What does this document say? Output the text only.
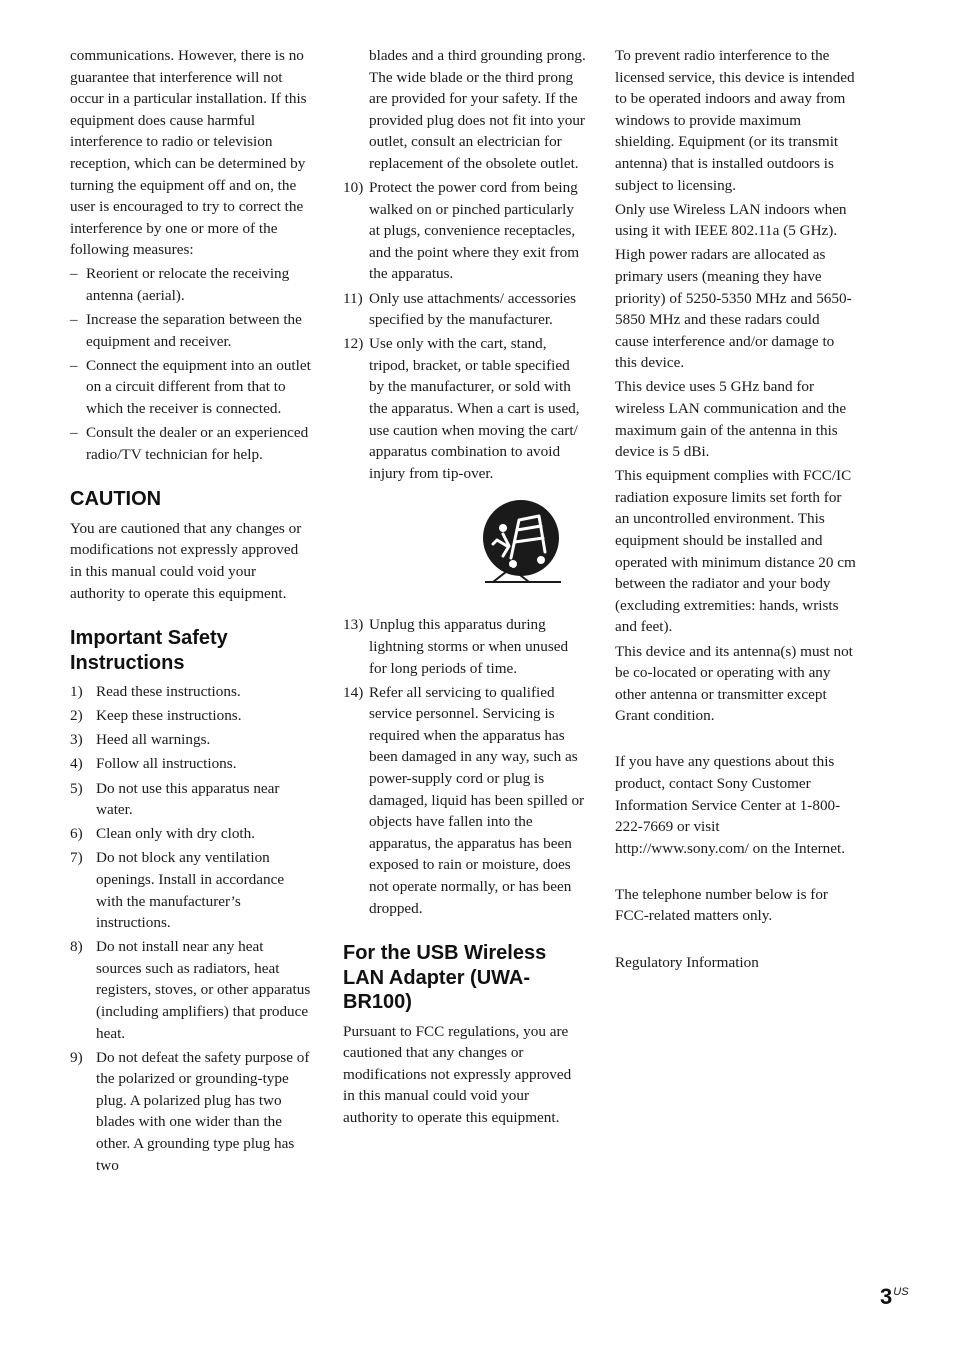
communications. However, there is no guarantee that interference will not occur in a particular installation. If this equipment does cause harmful interference to radio or television reception, which can be determined by turning the equipment off and on, the user is encouraged to try to correct the interference by one or more of the following measures:

– Reorient or relocate the receiving antenna (aerial).
– Increase the separation between the equipment and receiver.
– Connect the equipment into an outlet on a circuit different from that to which the receiver is connected.
– Consult the dealer or an experienced radio/TV technician for help.
CAUTION

You are cautioned that any changes or modifications not expressly approved in this manual could void your authority to operate this equipment.

Important Safety Instructions
1) Read these instructions.
2) Keep these instructions.
3) Heed all warnings.
4) Follow all instructions.
5) Do not use this apparatus near water.
6) Clean only with dry cloth.
7) Do not block any ventilation openings. Install in accordance with the manufacturer’s instructions.
8) Do not install near any heat sources such as radiators, heat registers, stoves, or other apparatus (including amplifiers) that produce heat.
9) Do not defeat the safety purpose of the polarized or grounding-type plug. A polarized plug has two blades with one wider than the other. A grounding type plug has two

blades and a third grounding prong. The wide blade or the third prong are provided for your safety. If the provided plug does not fit into your outlet, consult an electrician for replacement of the obsolete outlet.

10) Protect the power cord from being walked on or pinched particularly at plugs, convenience receptacles, and the point where they exit from the apparatus.
11) Only use attachments/ accessories specified by the manufacturer.
12) Use only with the cart, stand, tripod, bracket, or table specified by the manufacturer, or sold with the apparatus. When a cart is used, use caution when moving the cart/ apparatus combination to avoid injury from tip-over.
13) Unplug this apparatus during lightning storms or when unused for long periods of time.
14) Refer all servicing to qualified service personnel. Servicing is required when the apparatus has been damaged in any way, such as power-supply cord or plug is damaged, liquid has been spilled or objects have fallen into the apparatus, the apparatus has been exposed to rain or moisture, does not operate normally, or has been dropped.
For the USB Wireless LAN Adapter (UWA-BR100)

Pursuant to FCC regulations, you are cautioned that any changes or modifications not expressly approved in this manual could void your authority to operate this equipment.

To prevent radio interference to the licensed service, this device is intended to be operated indoors and away from windows to provide maximum shielding. Equipment (or its transmit antenna) that is installed outdoors is subject to licensing.

Only use Wireless LAN indoors when using it with IEEE 802.11a (5 GHz).

High power radars are allocated as primary users (meaning they have priority) of 5250-5350 MHz and 5650-5850 MHz and these radars could cause interference and/or damage to this device.

This device uses 5 GHz band for wireless LAN communication and the maximum gain of the antenna in this device is 5 dBi.

This equipment complies with FCC/IC radiation exposure limits set forth for an uncontrolled environment. This equipment should be installed and operated with minimum distance 20 cm between the radiator and your body (excluding extremities: hands, wrists and feet).

This device and its antenna(s) must not be co-located or operating with any other antenna or transmitter except Grant condition.

If you have any questions about this product, contact Sony Customer Information Service Center at 1-800-222-7669 or visit http://www.sony.com/ on the Internet.

The telephone number below is for FCC-related matters only.

Regulatory Information

$3^{US}$
